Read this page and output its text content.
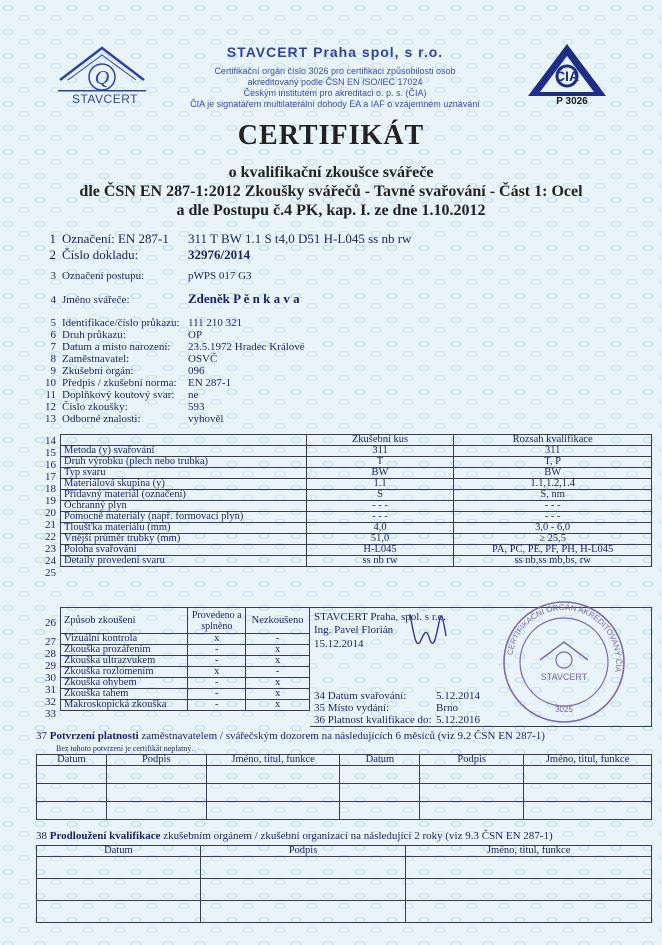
Q
STAVCERT
STAVCERT Praha spol, s r.o.
Certifikační orgán číslo 3026 pro certifikaci způsobilosti osob
akreditovaný podle ČSN EN ISO/IEC 17024
Českým institutem pro akreditaci o. p. s. (ČIA)
ČIA je signatářem multilaterální dohody EA a IAF o vzájemném uznávání
ČIA
P 3026
CERTIFIKÁT
o kvalifikační zkoušce svářeče
dle ČSN EN 287-1:2012 Zkoušky svářečů - Tavné svařování - Část 1: Ocel
a dle Postupu č.4 PK, kap. I. ze dne 1.10.2012
1 Označení: EN 287-1 311 T BW 1.1 S t4,0 D51 H-L045 ss nb rw
2 Číslo dokladu:	32976/2014
3 Označení postupu:	pWPS 017 G3
4 Jméno svářeče:	Zdeněk P ě n k a v a
5 Identifikace/číslo průkazu: 111 210 321
6 Druh průkazu:	OP
7 Datum a místo narození: 23.5.1972 Hradec Králové
8 Zaměstnavatel:	OSVČ
9 Zkušební orgán:	096
10 Předpis / zkušební norma: EN 287-1
11 Doplňkový koutový svar: ne
12 Číslo zkoušky:	593
13 Odborné znalosti:	vyhověl
	Zkušební kus	Rozsah kvalifikace
Metoda (y) svařování	311	311
Druh výrobku (plech nebo trubka)	T	T, P
Typ svaru	BW	BW
Materiálová skupina (y)	1.1	1.1,1.2,1.4
Přídavný materiál (označení)	S	S, nm
Ochranný plyn	- - -	- - -
Pomocné materiály (např. formovací plyn)	- - -	- - -
Tloušťka materiálu (mm)	4,0	3,0 - 6,0
Vnější průměr trubky (mm)	51,0	≥ 25,5
Poloha svařování	H-L045	PA, PC, PE, PF, PH, H-L045
Detaily provedení svaru	ss nb rw	ss nb,ss mb,bs, rw
14
15
16
17
18
19
20
21
22
23
24
25
Způsob zkoušení	Provedeno a splněno	Nezkoušeno
Vizuální kontrola	x	-
Zkouška prozářením	-	x
Zkouška ultrazvukem	-	x
Zkouška rozlomením	x	-
Zkouška ohybem	-	x
Zkouška tahem	-	x
Makroskopická zkouška	-	x
26
27
28
29
30
31
32
33
STAVCERT Praha, spol. s r.o.
Ing. Pavel Florián
15.12.2014
CERTIFIKAČNÍ ORGÁN AKREDITOVANÝ ČIA
STAVCERT
3025
34 Datum svařování:	5.12.2014
35 Místo vydání:	Brno
36 Platnost kvalifikace do: 5.12.2016
37 Potvrzení platnosti zaměstnavatelem / svářečským dozorem na následujících 6 měsíců (viz 9.2 ČSN EN 287-1)
Bez tohoto potvrzení je certifikát neplatný.
Datum	Podpis	Jméno, titul, funkce	Datum	Podpis	Jméno, titul, funkce

38 Prodloužení kvalifikace zkušebním orgánem / zkušební organizací na následující 2 roky (viz 9.3 ČSN EN 287-1)
Datum	Podpis	Jméno, titul, funkce
